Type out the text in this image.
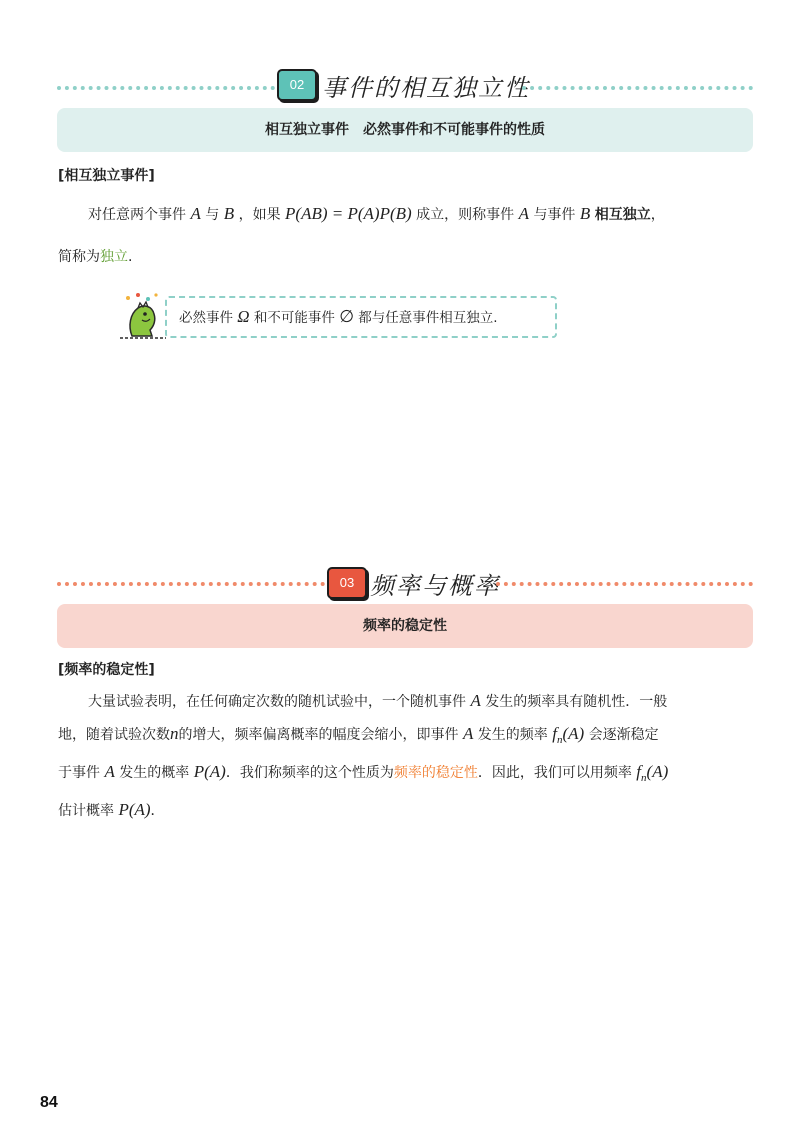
02 事件的相互独立性
相互独立事件　必然事件和不可能事件的性质
[相互独立事件]
对任意两个事件 A 与 B ，如果 P(AB) = P(A)P(B) 成立，则称事件 A 与事件 B 相互独立，
简称为独立.
必然事件 Ω 和不可能事件 ∅ 都与任意事件相互独立.
03 频率与概率
频率的稳定性
[频率的稳定性]
大量试验表明，在任何确定次数的随机试验中，一个随机事件 A 发生的频率具有随机性．一般
地，随着试验次数n的增大，频率偏离概率的幅度会缩小，即事件 A 发生的频率 $f_n(A)$ 会逐渐稳定
于事件 A 发生的概率 P(A)．我们称频率的这个性质为频率的稳定性．因此，我们可以用频率 $f_n(A)$
估计概率 P(A)．
84
